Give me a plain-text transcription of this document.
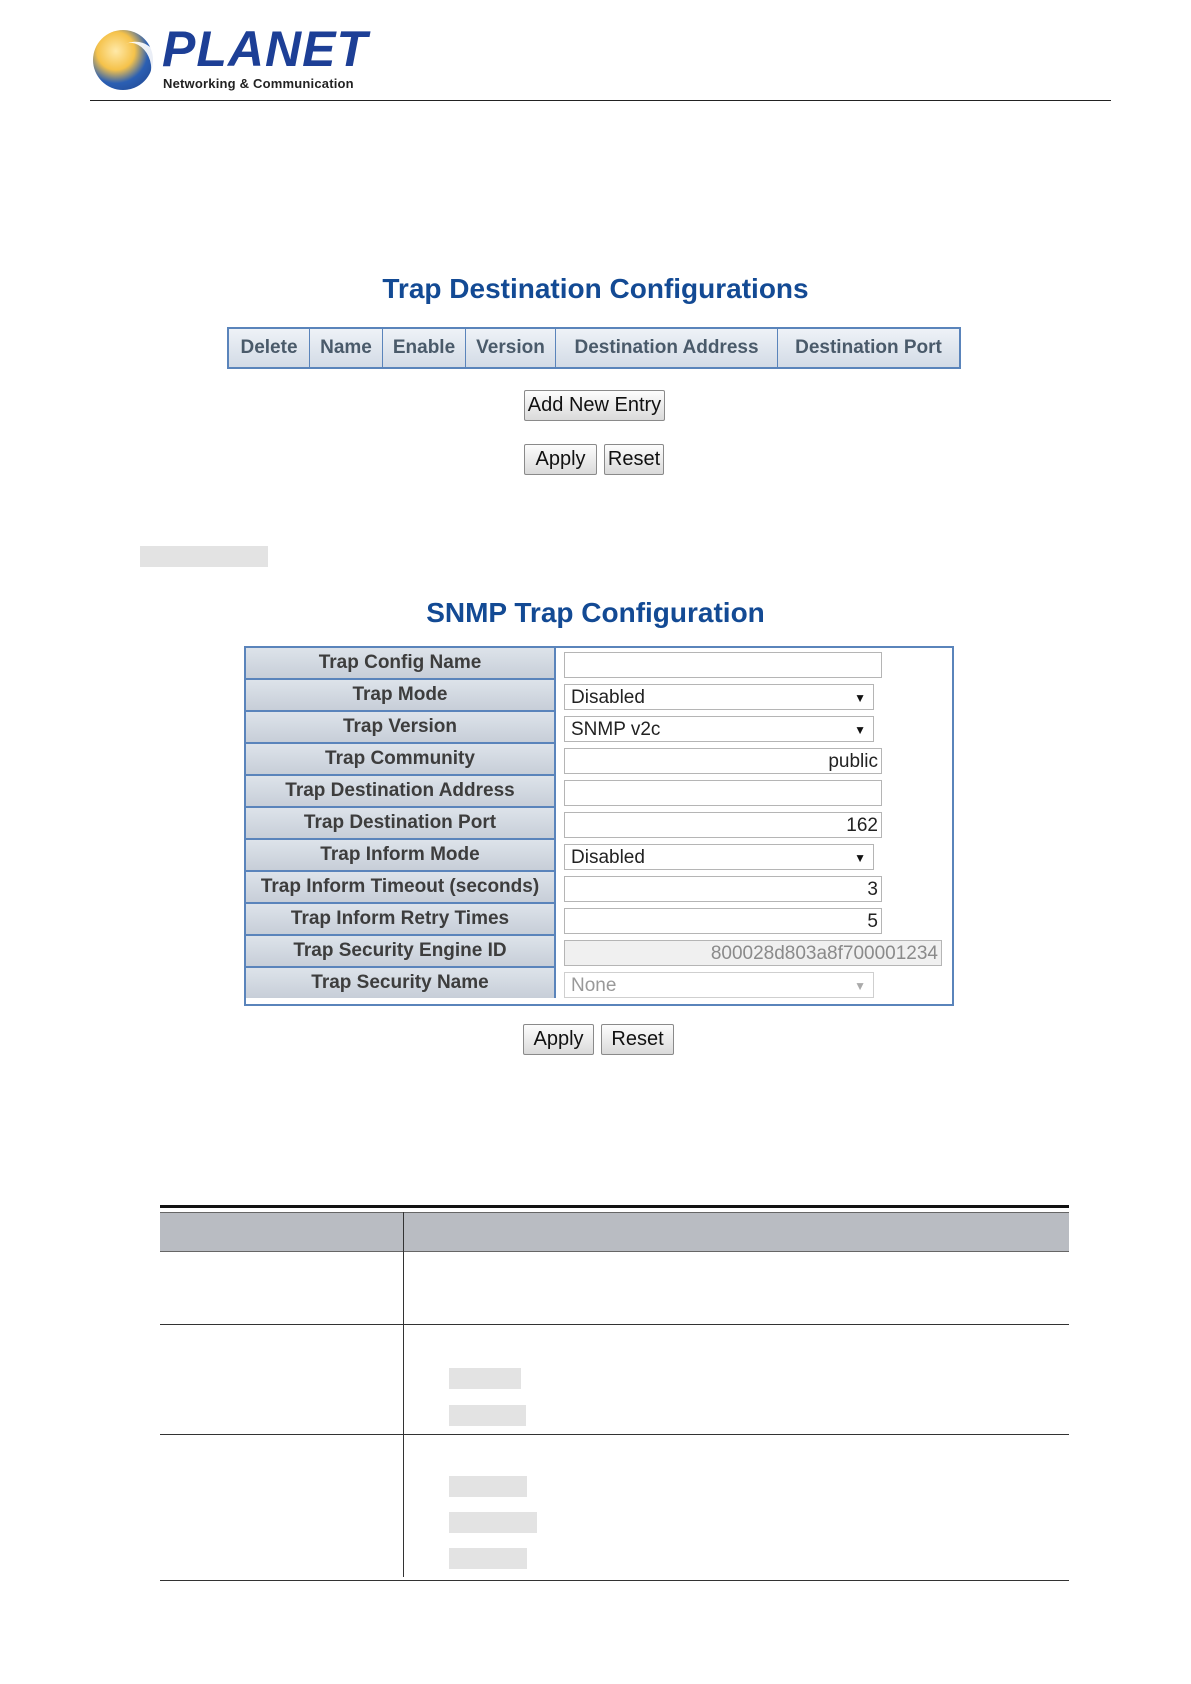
PLANET
Networking & Communication
Trap Destination Configurations
Delete	Name	Enable	Version	Destination Address	Destination Port
Add New Entry
Apply	Reset
SNMP Trap Configuration
Trap Config Name
Trap Mode	Disabled	▼
Trap Version	SNMP v2c	▼
Trap Community	public
Trap Destination Address
Trap Destination Port	162
Trap Inform Mode	Disabled	▼
Trap Inform Timeout (seconds)	3
Trap Inform Retry Times	5
Trap Security Engine ID	800028d803a8f700001234
Trap Security Name	None	▼
Apply	Reset
